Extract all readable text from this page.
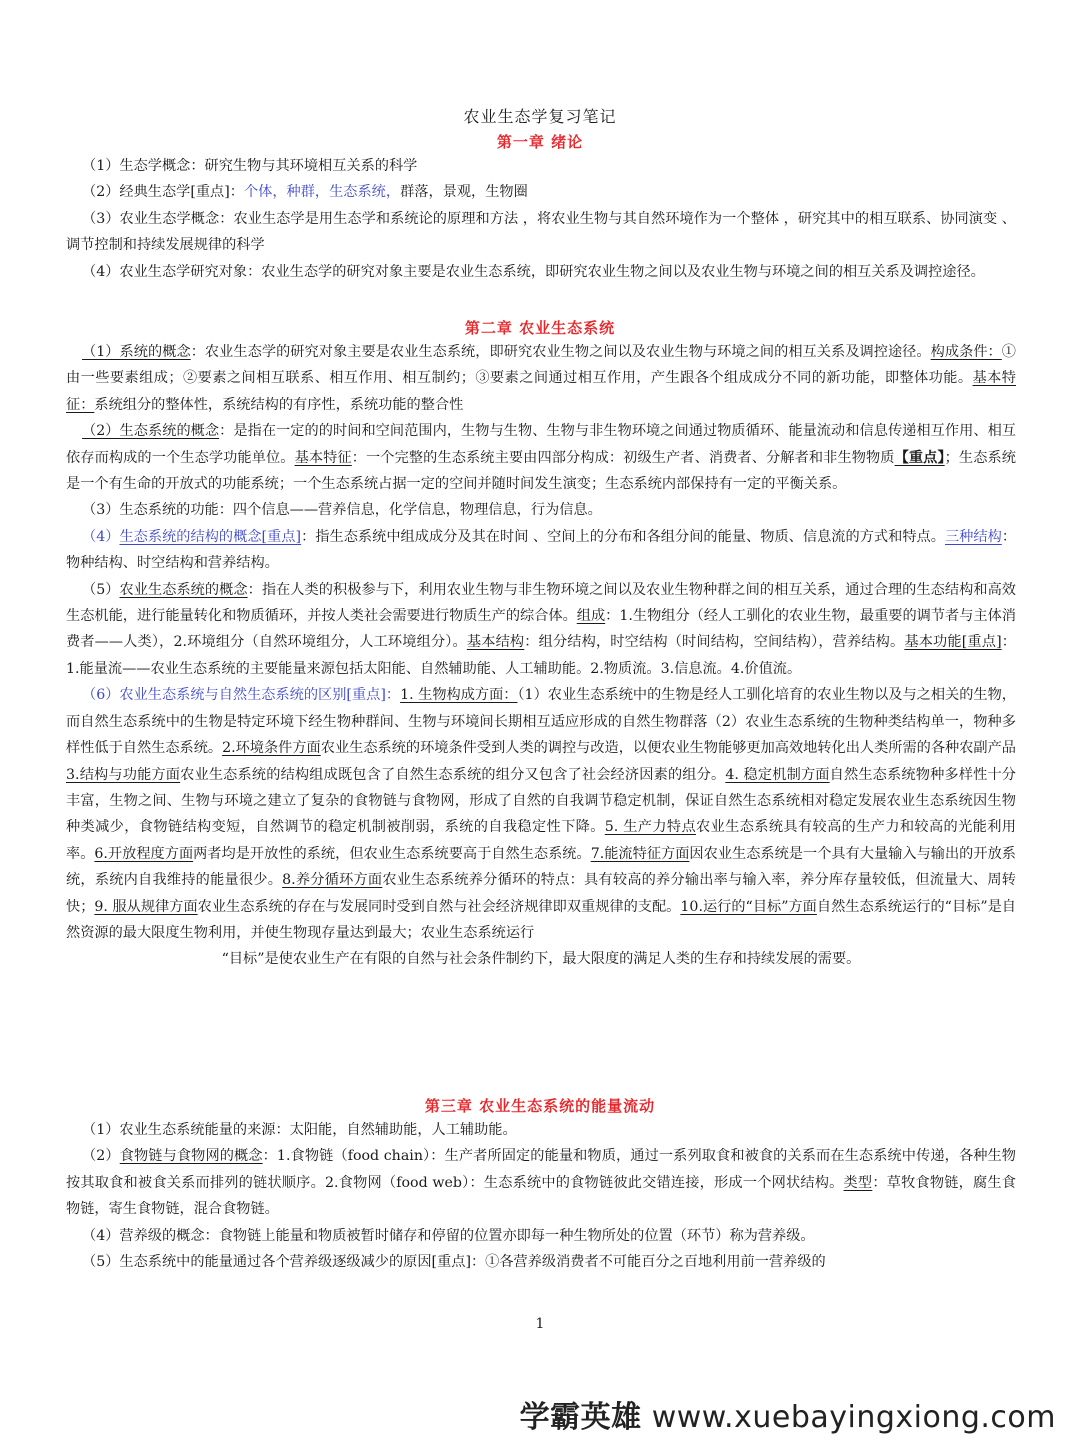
农业生态学复习笔记
第一章 绪论

（1）生态学概念：研究生物与其环境相互关系的科学

（2）经典生态学[重点]：个体，种群，生态系统，群落，景观，生物圈

（3）农业生态学概念：农业生态学是用生态学和系统论的原理和方法 ，将农业生物与其自然环境作为一个整体 ，研究其中的相互联系、协同演变 、调节控制和持续发展规律的科学

（4）农业生态学研究对象：农业生态学的研究对象主要是农业生态系统，即研究农业生物之间以及农业生物与环境之间的相互关系及调控途径。

第二章 农业生态系统

（1）系统的概念：农业生态学的研究对象主要是农业生态系统，即研究农业生物之间以及农业生物与环境之间的相互关系及调控途径。构成条件：①由一些要素组成；②要素之间相互联系、相互作用、相互制约；③要素之间通过相互作用，产生跟各个组成成分不同的新功能，即整体功能。基本特征：系统组分的整体性，系统结构的有序性，系统功能的整合性

（2）生态系统的概念：是指在一定的的时间和空间范围内，生物与生物、生物与非生物环境之间通过物质循环、能量流动和信息传递相互作用、相互依存而构成的一个生态学功能单位。基本特征：一个完整的生态系统主要由四部分构成：初级生产者、消费者、分解者和非生物物质【重点】；生态系统是一个有生命的开放式的功能系统；一个生态系统占据一定的空间并随时间发生演变；生态系统内部保持有一定的平衡关系。

（3）生态系统的功能：四个信息——营养信息，化学信息，物理信息，行为信息。

（4）生态系统的结构的概念[重点]：指生态系统中组成成分及其在时间 、空间上的分布和各组分间的能量、物质、信息流的方式和特点。三种结构：物种结构、时空结构和营养结构。

（5）农业生态系统的概念：指在人类的积极参与下，利用农业生物与非生物环境之间以及农业生物种群之间的相互关系，通过合理的生态结构和高效生态机能，进行能量转化和物质循环，并按人类社会需要进行物质生产的综合体。组成：1.生物组分（经人工驯化的农业生物，最重要的调节者与主体消费者——人类），2.环境组分（自然环境组分，人工环境组分）。基本结构：组分结构，时空结构（时间结构，空间结构），营养结构。基本功能[重点]：1.能量流——农业生态系统的主要能量来源包括太阳能、自然辅助能、人工辅助能。2.物质流。3.信息流。4.价值流。

（6）农业生态系统与自然生态系统的区别[重点]：1. 生物构成方面：（1）农业生态系统中的生物是经人工驯化培育的农业生物以及与之相关的生物，而自然生态系统中的生物是特定环境下经生物种群间、生物与环境间长期相互适应形成的自然生物群落（2）农业生态系统的生物种类结构单一，物种多样性低于自然生态系统。2.环境条件方面农业生态系统的环境条件受到人类的调控与改造，以便农业生物能够更加高效地转化出人类所需的各种农副产品3.结构与功能方面农业生态系统的结构组成既包含了自然生态系统的组分又包含了社会经济因素的组分。4. 稳定机制方面自然生态系统物种多样性十分丰富，生物之间、生物与环境之建立了复杂的食物链与食物网，形成了自然的自我调节稳定机制，保证自然生态系统相对稳定发展农业生态系统因生物种类减少，食物链结构变短，自然调节的稳定机制被削弱，系统的自我稳定性下降。5. 生产力特点农业生态系统具有较高的生产力和较高的光能利用率。6.开放程度方面两者均是开放性的系统，但农业生态系统要高于自然生态系统。7.能流特征方面因农业生态系统是一个具有大量输入与输出的开放系统，系统内自我维持的能量很少。8.养分循环方面农业生态系统养分循环的特点：具有较高的养分输出率与输入率，养分库存量较低，但流量大、周转快；9. 服从规律方面农业生态系统的存在与发展同时受到自然与社会经济规律即双重规律的支配。10.运行的“目标”方面自然生态系统运行的“目标”是自然资源的最大限度生物利用，并使生物现存量达到最大；农业生态系统运行

“目标”是使农业生产在有限的自然与社会条件制约下，最大限度的满足人类的生存和持续发展的需要。

第三章 农业生态系统的能量流动

（1）农业生态系统能量的来源：太阳能，自然辅助能，人工辅助能。

（2）食物链与食物网的概念：1.食物链（food chain）：生产者所固定的能量和物质，通过一系列取食和被食的关系而在生态系统中传递，各种生物按其取食和被食关系而排列的链状顺序。2.食物网（food web）：生态系统中的食物链彼此交错连接，形成一个网状结构。类型：草牧食物链，腐生食物链，寄生食物链，混合食物链。

（4）营养级的概念：食物链上能量和物质被暂时储存和停留的位置亦即每一种生物所处的位置（环节）称为营养级。

（5）生态系统中的能量通过各个营养级逐级减少的原因[重点]：①各营养级消费者不可能百分之百地利用前一营养级的

1
学霸英雄 www.xuebayingxiong.com
